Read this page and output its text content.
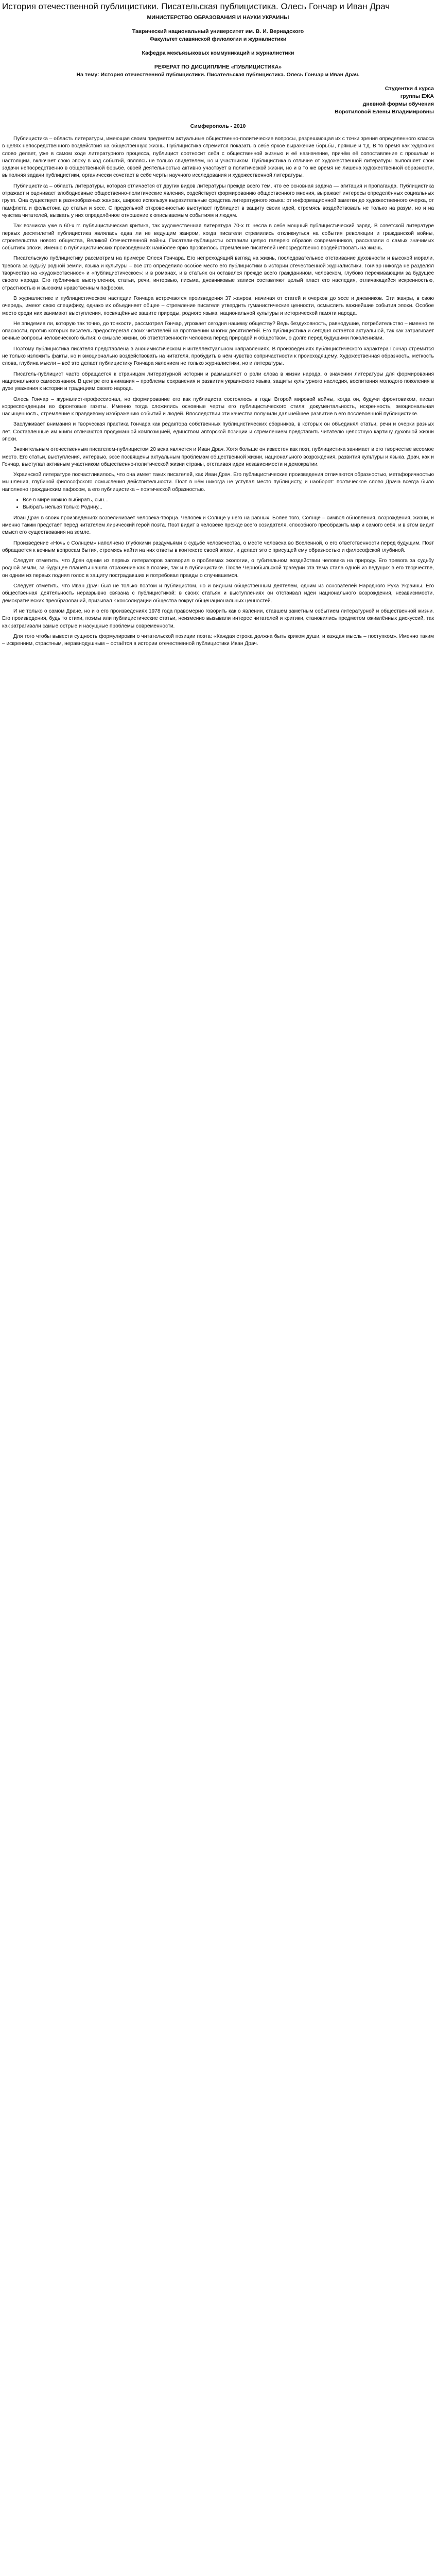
История отечественной публицистики. Писательская публицистика. Олесь Гончар и Иван Драч
МИНИСТЕРСТВО ОБРАЗОВАНИЯ И НАУКИ УКРАИНЫ
Таврический национальный университет им. В. И. Вернадского
Факультет славянской филологии и журналистики
Кафедра межъязыковых коммуникаций и журналистики
РЕФЕРАТ ПО ДИСЦИПЛИНЕ «ПУБЛИЦИСТИКА»
На тему: История отечественной публицистики. Писательская публицистика. Олесь Гончар и Иван Драч.
Студентки 4 курса
группы ЕЖА
дневной формы обучения
Воротиловой Елены Владимировны
Симферополь - 2010

Публицистика – область литературы, имеющая своим предметом актуальные общественно-политические вопросы, разрешающая их с точки зрения определенного класса в целях непосредственного воздействия на общественную жизнь. Публицистика стремится показать в себе яркое выражение борьбы, прямые и т.д. В то время как художник слово делает, уже в самом ходе литературного процесса, публицист соотносит себя с общественной жизнью и её назначение, причём её сопоставление с прошлым и настоящим, включает свою эпоху в ход событий, являясь не только свидетелем, но и участником. Публицистика в отличие от художественной литературы выполняет свои задачи непосредственно в общественной борьбе, своей деятельностью активно участвует в политической жизни, но и в то же время не лишена художественной образности, выполняя задачи публицистики, органически сочетает в себе черты научного исследования и художественной литературы.

Публицистика – область литературы, которая отличается от других видов литературы прежде всего тем, что её основная задача — агитация и пропаганда. Публицистика отражает и оценивает злободневные общественно-политические явления, содействует формированию общественного мнения, выражает интересы определённых социальных групп. Она существует в разнообразных жанрах, широко используя выразительные средства литературного языка: от информационной заметки до художественного очерка, от памфлета и фельетона до статьи и эссе. С предельной откровенностью выступает публицист в защиту своих идей, стремясь воздействовать не только на разум, но и на чувства читателей, вызвать у них определённое отношение к описываемым событиям и людям.

Так возникла уже в 60-х гг. публицистическая критика, так художественная литература 70-х гг. несла в себе мощный публицистический заряд. В советской литературе первых десятилетий публицистика являлась едва ли не ведущим жанром, когда писатели стремились откликнуться на события революции и гражданской войны, строительства нового общества, Великой Отечественной войны. Писатели-публицисты оставили целую галерею образов современников, рассказали о самых значимых событиях эпохи. Именно в публицистических произведениях наиболее ярко проявилось стремление писателей непосредственно воздействовать на жизнь.

Писательскую публицистику рассмотрим на примере Олеся Гончара. Его непреходящий взгляд на жизнь, последовательное отстаивание духовности и высокой морали, тревога за судьбу родной земли, языка и культуры – всё это определило особое место его публицистики в истории отечественной журналистики. Гончар никогда не разделял творчество на «художественное» и «публицистическое»: и в романах, и в статьях он оставался прежде всего гражданином, человеком, глубоко переживающим за будущее своего народа. Его публичные выступления, статьи, речи, интервью, письма, дневниковые записи составляют целый пласт его наследия, отличающийся искренностью, страстностью и высоким нравственным пафосом.

В журналистике и публицистическом наследии Гончара встречаются произведения 37 жанров, начиная от статей и очерков до эссе и дневников. Эти жанры, в свою очередь, имеют свою специфику, однако их объединяет общее – стремление писателя утвердить гуманистические ценности, осмыслить важнейшие события эпохи. Особое место среди них занимают выступления, посвящённые защите природы, родного языка, национальной культуры и исторической памяти народа.

Не эпидемия ли, которую так точно, до тонкости, рассмотрел Гончар, угрожает сегодня нашему обществу? Ведь бездуховность, равнодушие, потребительство – именно те опасности, против которых писатель предостерегал своих читателей на протяжении многих десятилетий. Его публицистика и сегодня остаётся актуальной, так как затрагивает вечные вопросы человеческого бытия: о смысле жизни, об ответственности человека перед природой и обществом, о долге перед будущими поколениями.

Поэтому публицистика писателя представлена в анонимистическом и интеллектуальном направлениях. В произведениях публицистического характера Гончар стремится не только изложить факты, но и эмоционально воздействовать на читателя, пробудить в нём чувство сопричастности к происходящему. Художественная образность, меткость слова, глубина мысли – всё это делает публицистику Гончара явлением не только журналистики, но и литературы.

Писатель-публицист часто обращается к страницам литературной истории и размышляет о роли слова в жизни народа, о значении литературы для формирования национального самосознания. В центре его внимания – проблемы сохранения и развития украинского языка, защиты культурного наследия, воспитания молодого поколения в духе уважения к истории и традициям своего народа.

Олесь Гончар – журналист-профессионал, но формирование его как публициста состоялось в годы Второй мировой войны, когда он, будучи фронтовиком, писал корреспонденции во фронтовые газеты. Именно тогда сложились основные черты его публицистического стиля: документальность, искренность, эмоциональная насыщенность, стремление к правдивому изображению событий и людей. Впоследствии эти качества получили дальнейшее развитие в его послевоенной публицистике.

Заслуживает внимания и творческая практика Гончара как редактора собственных публицистических сборников, в которых он объединял статьи, речи и очерки разных лет. Составленные им книги отличаются продуманной композицией, единством авторской позиции и стремлением представить читателю целостную картину духовной жизни эпохи.

Значительным отечественным писателем-публицистом 20 века является и Иван Драч. Хотя больше он известен как поэт, публицистика занимает в его творчестве весомое место. Его статьи, выступления, интервью, эссе посвящены актуальным проблемам общественной жизни, национального возрождения, развития культуры и языка. Драч, как и Гончар, выступал активным участником общественно-политической жизни страны, отстаивая идеи независимости и демократии.

Украинской литературе посчастливилось, что она имеет таких писателей, как Иван Драч. Его публицистические произведения отличаются образностью, метафоричностью мышления, глубиной философского осмысления действительности. Поэт в нём никогда не уступал место публицисту, и наоборот: поэтическое слово Драча всегда было наполнено гражданским пафосом, а его публицистика – поэтической образностью.

• Все в мире можно выбирать, сын...
• Выбрать нельзя только Родину...

Иван Драч в своих произведениях возвеличивает человека-творца. Человек и Солнце у него на равных. Более того, Солнце – символ обновления, возрождения, жизни, и именно таким предстаёт перед читателем лирический герой поэта. Поэт видит в человеке прежде всего созидателя, способного преобразить мир и самого себя, и в этом видит смысл его существования на земле.

Произведение «Ночь с Солнцем» наполнено глубокими раздумьями о судьбе человечества, о месте человека во Вселенной, о его ответственности перед будущим. Поэт обращается к вечным вопросам бытия, стремясь найти на них ответы в контексте своей эпохи, и делает это с присущей ему образностью и философской глубиной.

Следует отметить, что Драч одним из первых литераторов заговорил о проблемах экологии, о губительном воздействии человека на природу. Его тревога за судьбу родной земли, за будущее планеты нашла отражение как в поэзии, так и в публицистике. После Чернобыльской трагедии эта тема стала одной из ведущих в его творчестве, он одним из первых поднял голос в защиту пострадавших и потребовал правды о случившемся.

Следует отметить, что Иван Драч был не только поэтом и публицистом, но и видным общественным деятелем, одним из основателей Народного Руха Украины. Его общественная деятельность неразрывно связана с публицистикой: в своих статьях и выступлениях он отстаивал идеи национального возрождения, независимости, демократических преобразований, призывал к консолидации общества вокруг общенациональных ценностей.

И не только о самом Драче, но и о его произведениях 1978 года правомерно говорить как о явлении, ставшем заметным событием литературной и общественной жизни. Его произведения, будь то стихи, поэмы или публицистические статьи, неизменно вызывали интерес читателей и критики, становились предметом оживлённых дискуссий, так как затрагивали самые острые и насущные проблемы современности.

Для того чтобы вывести сущность формулировки о читательской позиции поэта: «Каждая строка должна быть криком души, и каждая мысль – поступком». Именно таким – искренним, страстным, неравнодушным – остаётся в истории отечественной публицистики Иван Драч.
